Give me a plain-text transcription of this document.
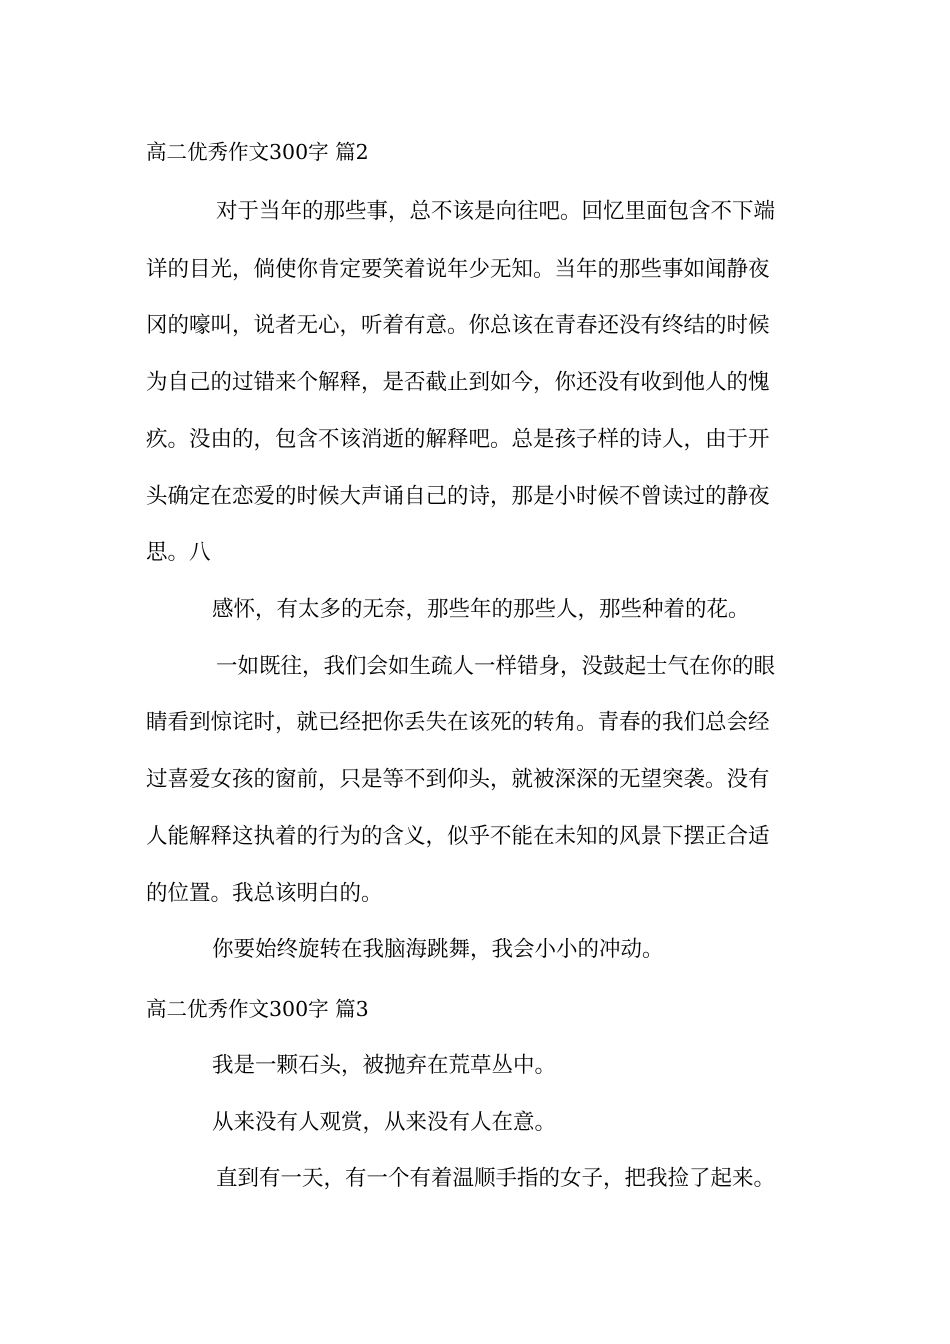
高二优秀作文300字 篇2

对于当年的那些事，总不该是向往吧。回忆里面包含不下端

详的目光，倘使你肯定要笑着说年少无知。当年的那些事如闻静夜

冈的嚎叫，说者无心，听着有意。你总该在青春还没有终结的时候

为自己的过错来个解释，是否截止到如今，你还没有收到他人的愧

疚。没由的，包含不该消逝的解释吧。总是孩子样的诗人，由于开

头确定在恋爱的时候大声诵自己的诗，那是小时候不曾读过的静夜

思。八

感怀，有太多的无奈，那些年的那些人，那些种着的花。

一如既往，我们会如生疏人一样错身，没鼓起士气在你的眼

睛看到惊诧时，就已经把你丢失在该死的转角。青春的我们总会经

过喜爱女孩的窗前，只是等不到仰头，就被深深的无望突袭。没有

人能解释这执着的行为的含义，似乎不能在未知的风景下摆正合适

的位置。我总该明白的。

你要始终旋转在我脑海跳舞，我会小小的冲动。

高二优秀作文300字 篇3

我是一颗石头，被抛弃在荒草丛中。

从来没有人观赏，从来没有人在意。

直到有一天，有一个有着温顺手指的女子，把我捡了起来。
